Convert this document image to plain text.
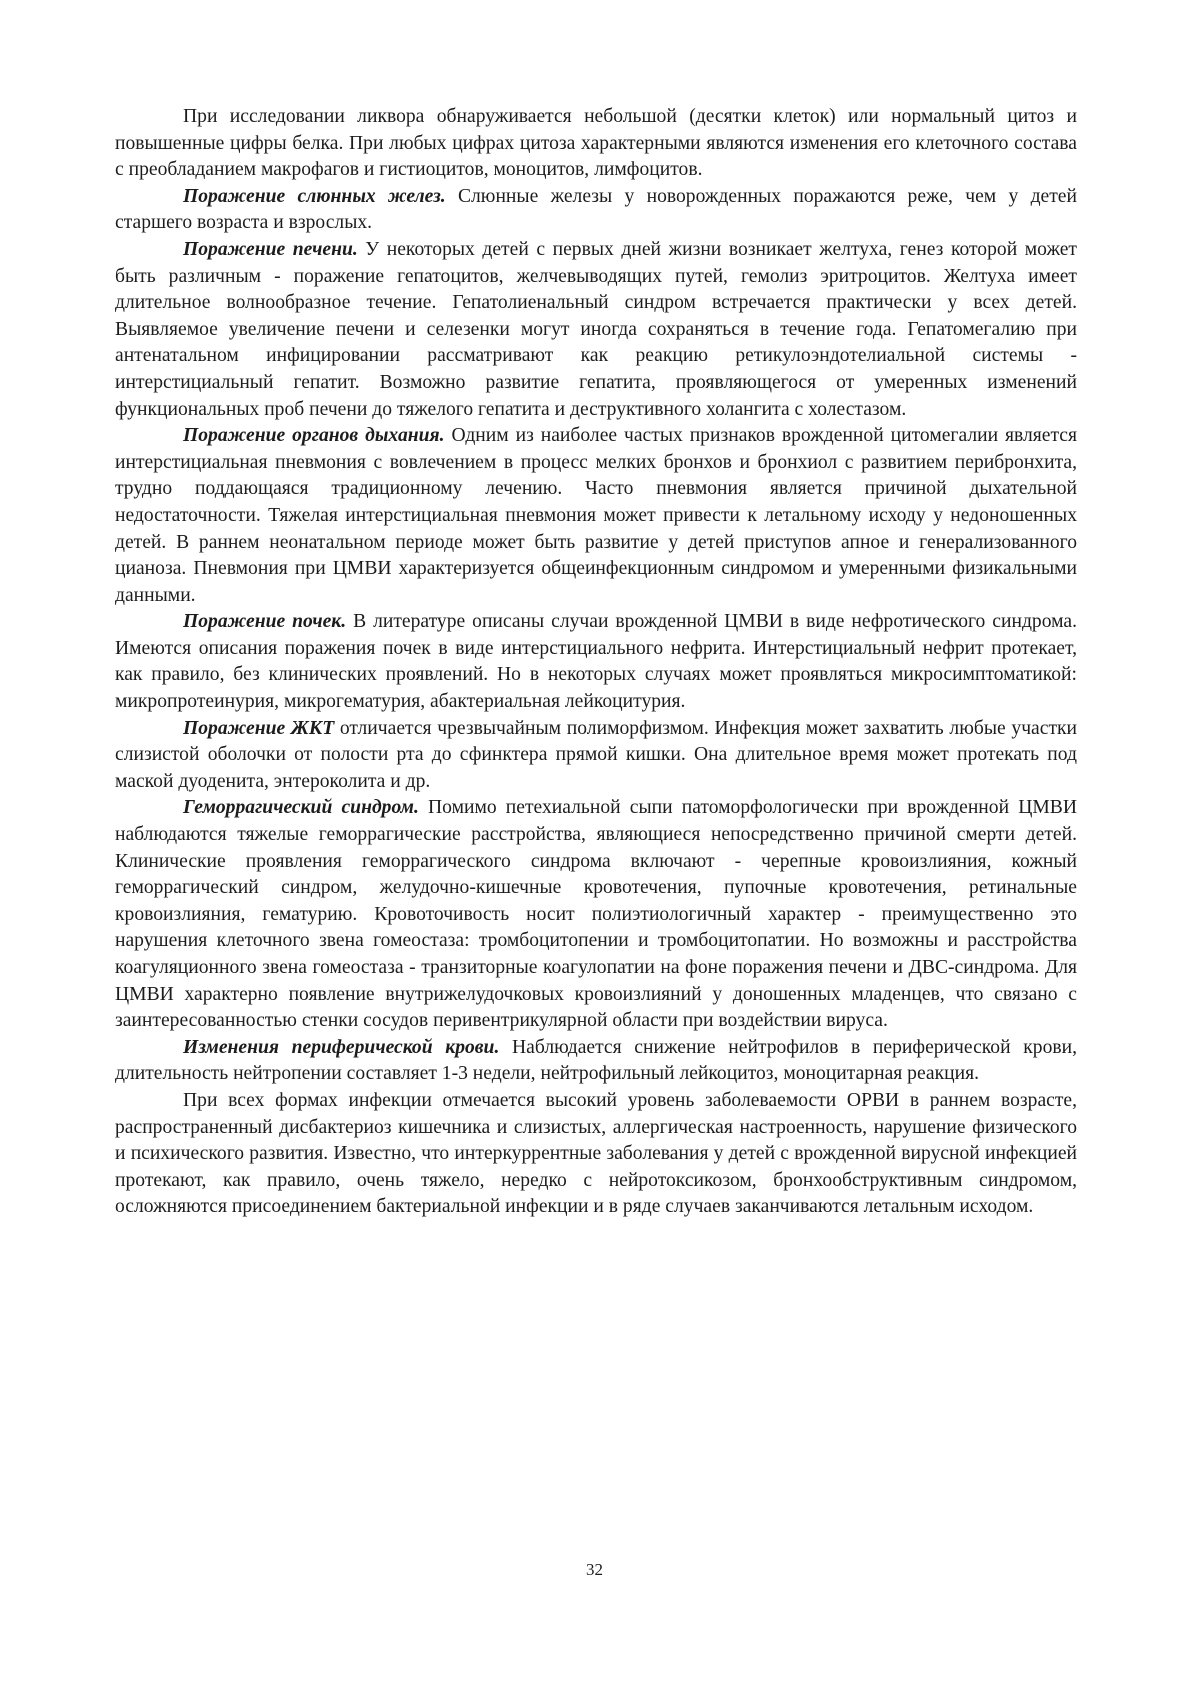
При исследовании ликвора обнаруживается небольшой (десятки клеток) или нормальный цитоз и повышенные цифры белка. При любых цифрах цитоза характерными являются изменения его клеточного состава с преобладанием макрофагов и гистиоцитов, моноцитов, лимфоцитов.

Поражение слюнных желез. Слюнные железы у новорожденных поражаются реже, чем у детей старшего возраста и взрослых.

Поражение печени. У некоторых детей с первых дней жизни возникает желтуха, генез которой может быть различным - поражение гепатоцитов, желчевыводящих путей, гемолиз эритроцитов. Желтуха имеет длительное волнообразное течение. Гепатолиенальный синдром встречается практически у всех детей. Выявляемое увеличение печени и селезенки могут иногда сохраняться в течение года. Гепатомегалию при антенатальном инфицировании рассматривают как реакцию ретикулоэндотелиальной системы - интерстициальный гепатит. Возможно развитие гепатита, проявляющегося от умеренных изменений функциональных проб печени до тяжелого гепатита и деструктивного холангита с холестазом.

Поражение органов дыхания. Одним из наиболее частых признаков врожденной цитомегалии является интерстициальная пневмония с вовлечением в процесс мелких бронхов и бронхиол с развитием перибронхита, трудно поддающаяся традиционному лечению. Часто пневмония является причиной дыхательной недостаточности. Тяжелая интерстициальная пневмония может привести к летальному исходу у недоношенных детей. В раннем неонатальном периоде может быть развитие у детей приступов апное и генерализованного цианоза. Пневмония при ЦМВИ характеризуется общеинфекционным синдромом и умеренными физикальными данными.

Поражение почек. В литературе описаны случаи врожденной ЦМВИ в виде нефротического синдрома. Имеются описания поражения почек в виде интерстициального нефрита. Интерстициальный нефрит протекает, как правило, без клинических проявлений. Но в некоторых случаях может проявляться микросимптоматикой: микропротеинурия, микрогематурия, абактериальная лейкоцитурия.

Поражение ЖКТ отличается чрезвычайным полиморфизмом. Инфекция может захватить любые участки слизистой оболочки от полости рта до сфинктера прямой кишки. Она длительное время может протекать под маской дуоденита, энтероколита и др.

Геморрагический синдром. Помимо петехиальной сыпи патоморфологически при врожденной ЦМВИ наблюдаются тяжелые геморрагические расстройства, являющиеся непосредственно причиной смерти детей. Клинические проявления геморрагического синдрома включают - черепные кровоизлияния, кожный геморрагический синдром, желудочно-кишечные кровотечения, пупочные кровотечения, ретинальные кровоизлияния, гематурию. Кровоточивость носит полиэтиологичный характер - преимущественно это нарушения клеточного звена гомеостаза: тромбоцитопении и тромбоцитопатии. Но возможны и расстройства коагуляционного звена гомеостаза - транзиторные коагулопатии на фоне поражения печени и ДВС-синдрома. Для ЦМВИ характерно появление внутрижелудочковых кровоизлияний у доношенных младенцев, что связано с заинтересованностью стенки сосудов перивентрикулярной области при воздействии вируса.

Изменения периферической крови. Наблюдается снижение нейтрофилов в периферической крови, длительность нейтропении составляет 1-3 недели, нейтрофильный лейкоцитоз, моноцитарная реакция.

При всех формах инфекции отмечается высокий уровень заболеваемости ОРВИ в раннем возрасте, распространенный дисбактериоз кишечника и слизистых, аллергическая настроенность, нарушение физического и психического развития. Известно, что интеркуррентные заболевания у детей с врожденной вирусной инфекцией протекают, как правило, очень тяжело, нередко с нейротоксикозом, бронхообструктивным синдромом, осложняются присоединением бактериальной инфекции и в ряде случаев заканчиваются летальным исходом.

32
